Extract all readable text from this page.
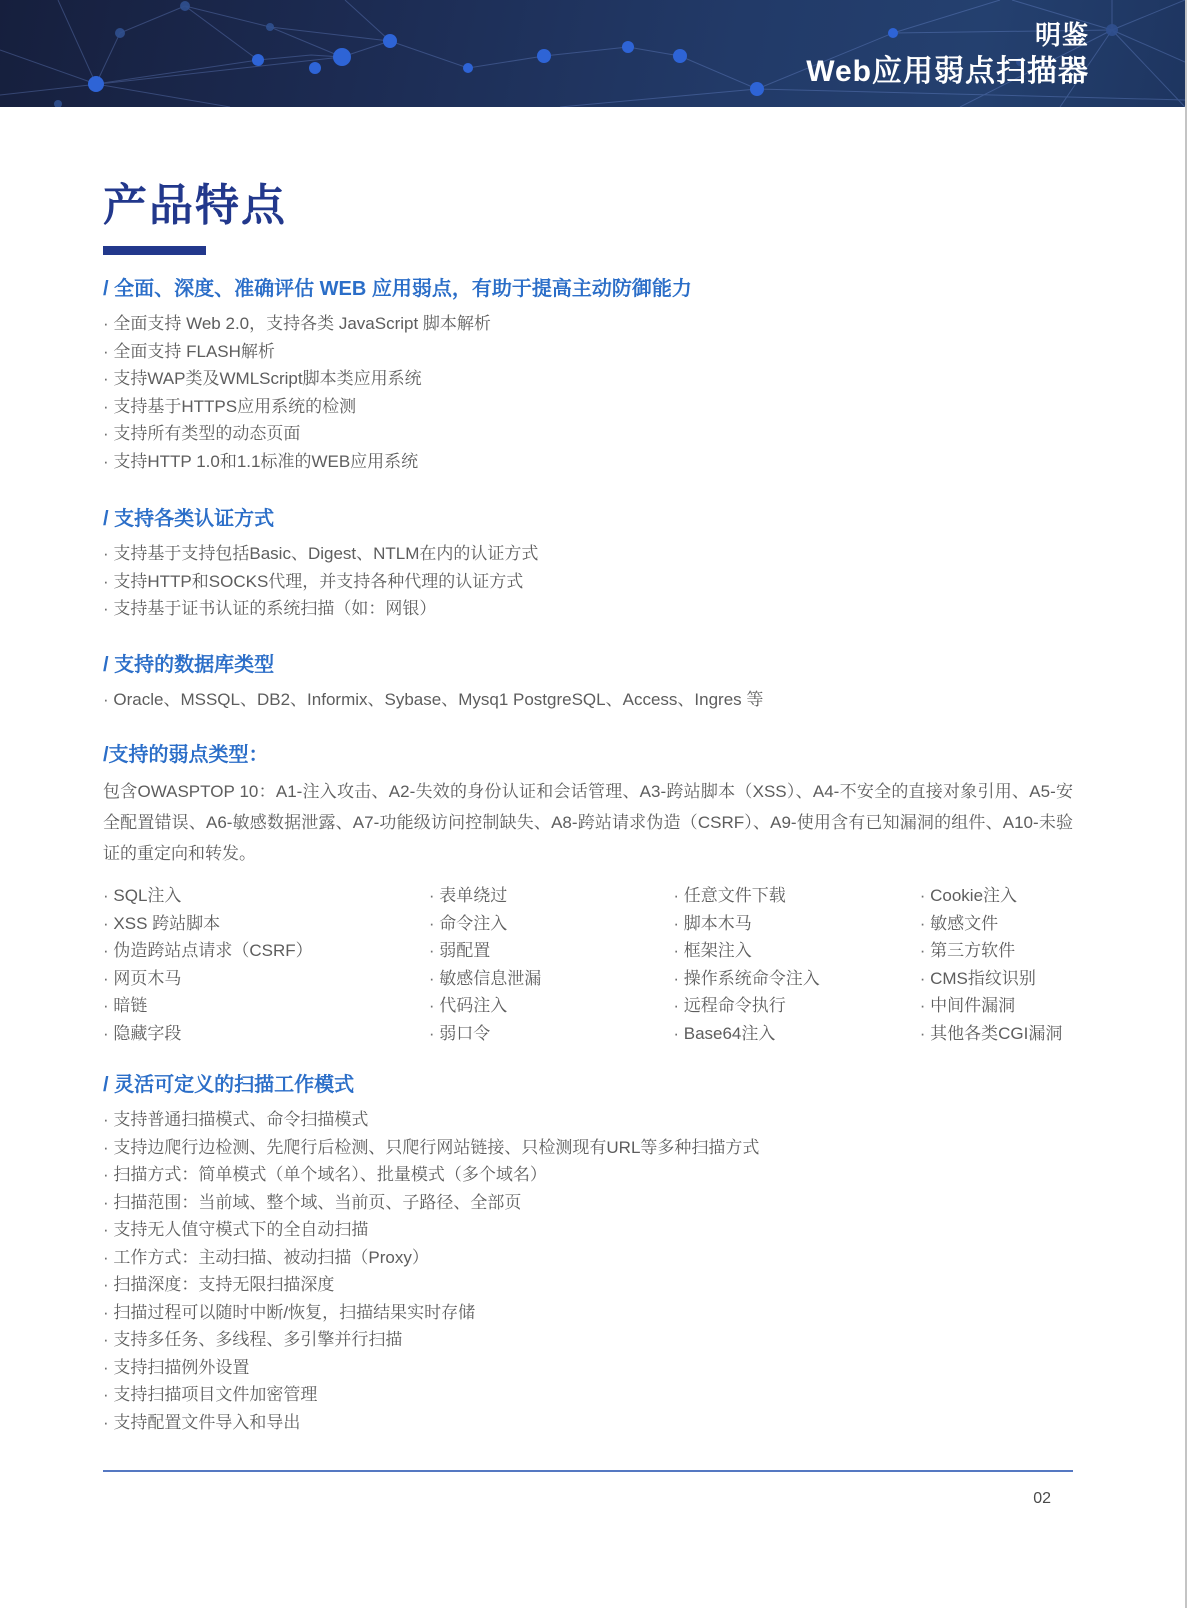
明鉴
Web应用弱点扫描器
产品特点
/ 全面、深度、准确评估 WEB 应用弱点，有助于提高主动防御能力
· 全面支持 Web 2.0，支持各类 JavaScript 脚本解析
· 全面支持 FLASH解析
· 支持WAP类及WMLScript脚本类应用系统
· 支持基于HTTPS应用系统的检测
· 支持所有类型的动态页面
· 支持HTTP 1.0和1.1标准的WEB应用系统
/ 支持各类认证方式
· 支持基于支持包括Basic、Digest、NTLM在内的认证方式
· 支持HTTP和SOCKS代理，并支持各种代理的认证方式
· 支持基于证书认证的系统扫描（如：网银）
/ 支持的数据库类型
· Oracle、MSSQL、DB2、Informix、Sybase、Mysq1 PostgreSQL、Access、Ingres 等
/支持的弱点类型：

包含OWASPTOP 10：A1-注入攻击、A2-失效的身份认证和会话管理、A3-跨站脚本（XSS）、A4-不安全的直接对象引用、A5-安全配置错误、A6-敏感数据泄露、A7-功能级访问控制缺失、A8-跨站请求伪造（CSRF）、A9-使用含有已知漏洞的组件、A10-未验证的重定向和转发。

· SQL注入
· XSS 跨站脚本
· 伪造跨站点请求（CSRF）
· 网页木马
· 暗链
· 隐藏字段
· 表单绕过
· 命令注入
· 弱配置
· 敏感信息泄漏
· 代码注入
· 弱口令
· 任意文件下载
· 脚本木马
· 框架注入
· 操作系统命令注入
· 远程命令执行
· Base64注入
· Cookie注入
· 敏感文件
· 第三方软件
· CMS指纹识别
· 中间件漏洞
· 其他各类CGI漏洞
/ 灵活可定义的扫描工作模式
· 支持普通扫描模式、命令扫描模式
· 支持边爬行边检测、先爬行后检测、只爬行网站链接、只检测现有URL等多种扫描方式
· 扫描方式：简单模式（单个域名）、批量模式（多个域名）
· 扫描范围：当前域、整个域、当前页、子路径、全部页
· 支持无人值守模式下的全自动扫描
· 工作方式：主动扫描、被动扫描（Proxy）
· 扫描深度：支持无限扫描深度
· 扫描过程可以随时中断/恢复，扫描结果实时存储
· 支持多任务、多线程、多引擎并行扫描
· 支持扫描例外设置
· 支持扫描项目文件加密管理
· 支持配置文件导入和导出
02
